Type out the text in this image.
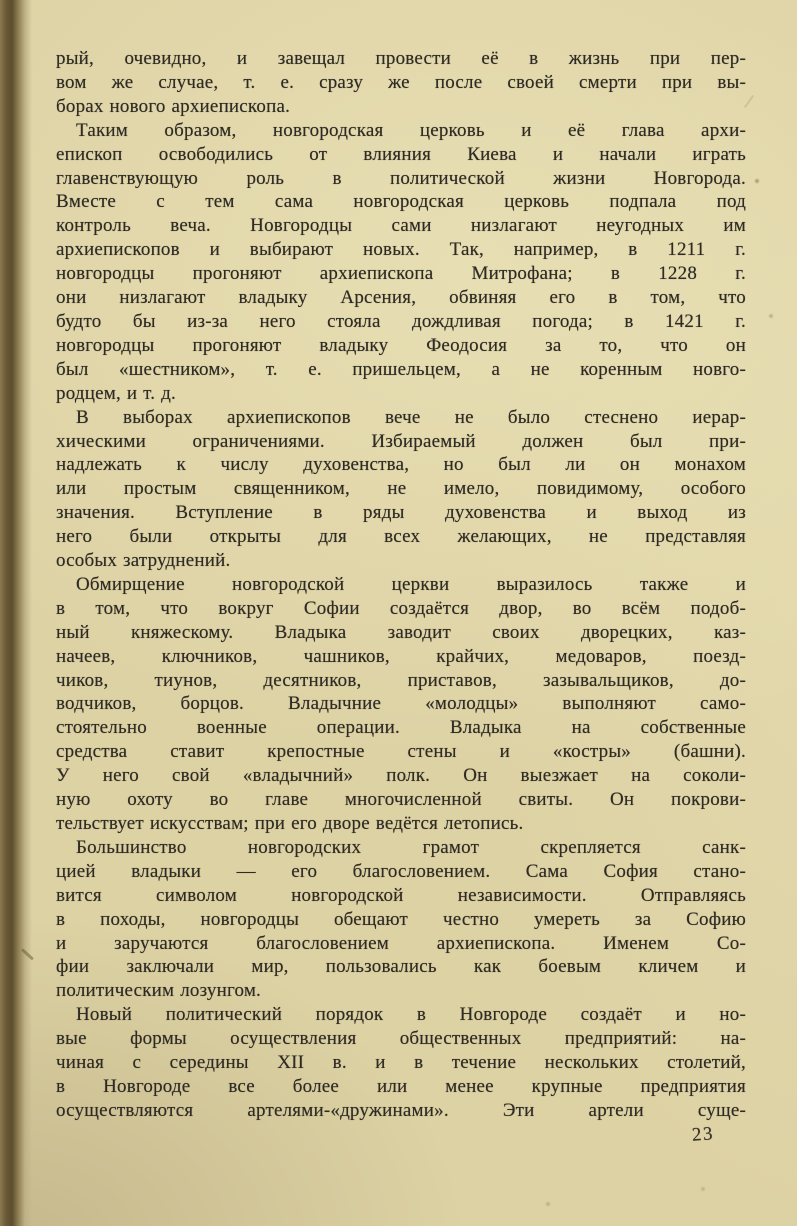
рый, очевидно, и завещал провести её в жизнь при пер-
вом же случае, т. е. сразу же после своей смерти при вы-
борах нового архиепископа.
Таким образом, новгородская церковь и её глава архи-
епископ освободились от влияния Киева и начали играть
главенствующую роль в политической жизни Новгорода.
Вместе с тем сама новгородская церковь подпала под
контроль веча. Новгородцы сами низлагают неугодных им
архиепископов и выбирают новых. Так, например, в 1211 г.
новгородцы прогоняют архиепископа Митрофана; в 1228 г.
они низлагают владыку Арсения, обвиняя его в том, что
будто бы из-за него стояла дождливая погода; в 1421 г.
новгородцы прогоняют владыку Феодосия за то, что он
был «шестником», т. е. пришельцем, а не коренным новго-
родцем, и т. д.
В выборах архиепископов вече не было стеснено иерар-
хическими ограничениями. Избираемый должен был при-
надлежать к числу духовенства, но был ли он монахом
или простым священником, не имело, повидимому, особого
значения. Вступление в ряды духовенства и выход из
него были открыты для всех желающих, не представляя
особых затруднений.
Обмирщение новгородской церкви выразилось также и
в том, что вокруг Софии создаётся двор, во всём подоб-
ный княжескому. Владыка заводит своих дворецких, каз-
начеев, ключников, чашников, крайчих, медоваров, поезд-
чиков, тиунов, десятников, приставов, зазывальщиков, до-
водчиков, борцов. Владычние «молодцы» выполняют само-
стоятельно военные операции. Владыка на собственные
средства ставит крепостные стены и «костры» (башни).
У него свой «владычний» полк. Он выезжает на соколи-
ную охоту во главе многочисленной свиты. Он покрови-
тельствует искусствам; при его дворе ведётся летопись.
Большинство новгородских грамот скрепляется санк-
цией владыки — его благословением. Сама София стано-
вится символом новгородской независимости. Отправляясь
в походы, новгородцы обещают честно умереть за Софию
и заручаются благословением архиепископа. Именем Со-
фии заключали мир, пользовались как боевым кличем и
политическим лозунгом.
Новый политический порядок в Новгороде создаёт и но-
вые формы осуществления общественных предприятий: на-
чиная с середины XII в. и в течение нескольких столетий,
в Новгороде все более или менее крупные предприятия
осуществляются артелями-«дружинами». Эти артели суще-
23
